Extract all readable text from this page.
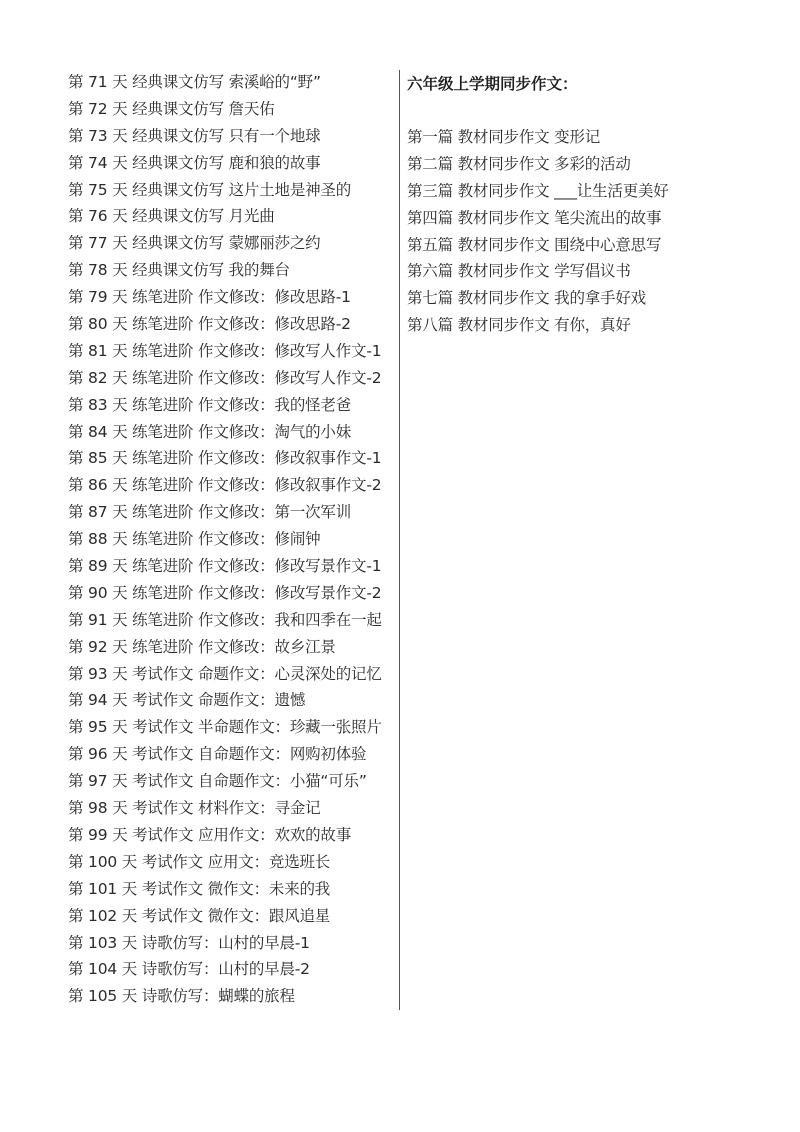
第 71 天 经典课文仿写 索溪峪的“野”
第 72 天 经典课文仿写 詹天佑
第 73 天 经典课文仿写 只有一个地球
第 74 天 经典课文仿写 鹿和狼的故事
第 75 天 经典课文仿写 这片土地是神圣的
第 76 天 经典课文仿写 月光曲
第 77 天 经典课文仿写 蒙娜丽莎之约
第 78 天 经典课文仿写 我的舞台
第 79 天 练笔进阶 作文修改：修改思路-1
第 80 天 练笔进阶 作文修改：修改思路-2
第 81 天 练笔进阶 作文修改：修改写人作文-1
第 82 天 练笔进阶 作文修改：修改写人作文-2
第 83 天 练笔进阶 作文修改：我的怪老爸
第 84 天 练笔进阶 作文修改：淘气的小妹
第 85 天 练笔进阶 作文修改：修改叙事作文-1
第 86 天 练笔进阶 作文修改：修改叙事作文-2
第 87 天 练笔进阶 作文修改：第一次军训
第 88 天 练笔进阶 作文修改：修闹钟
第 89 天 练笔进阶 作文修改：修改写景作文-1
第 90 天 练笔进阶 作文修改：修改写景作文-2
第 91 天 练笔进阶 作文修改：我和四季在一起
第 92 天 练笔进阶 作文修改：故乡江景
第 93 天 考试作文 命题作文：心灵深处的记忆
第 94 天 考试作文 命题作文：遗憾
第 95 天 考试作文 半命题作文：珍藏一张照片
第 96 天 考试作文 自命题作文：网购初体验
第 97 天 考试作文 自命题作文：小猫“可乐”
第 98 天 考试作文 材料作文：寻金记
第 99 天 考试作文 应用作文：欢欢的故事
第 100 天 考试作文 应用文：竞选班长
第 101 天 考试作文 微作文：未来的我
第 102 天 考试作文 微作文：跟风追星
第 103 天 诗歌仿写：山村的早晨-1
第 104 天 诗歌仿写：山村的早晨-2
第 105 天 诗歌仿写：蝴蝶的旅程
六年级上学期同步作文：
第一篇 教材同步作文 变形记
第二篇 教材同步作文 多彩的活动
第三篇 教材同步作文 ___让生活更美好
第四篇 教材同步作文 笔尖流出的故事
第五篇 教材同步作文 围绕中心意思写
第六篇 教材同步作文 学写倡议书
第七篇 教材同步作文 我的拿手好戏
第八篇 教材同步作文 有你，真好
